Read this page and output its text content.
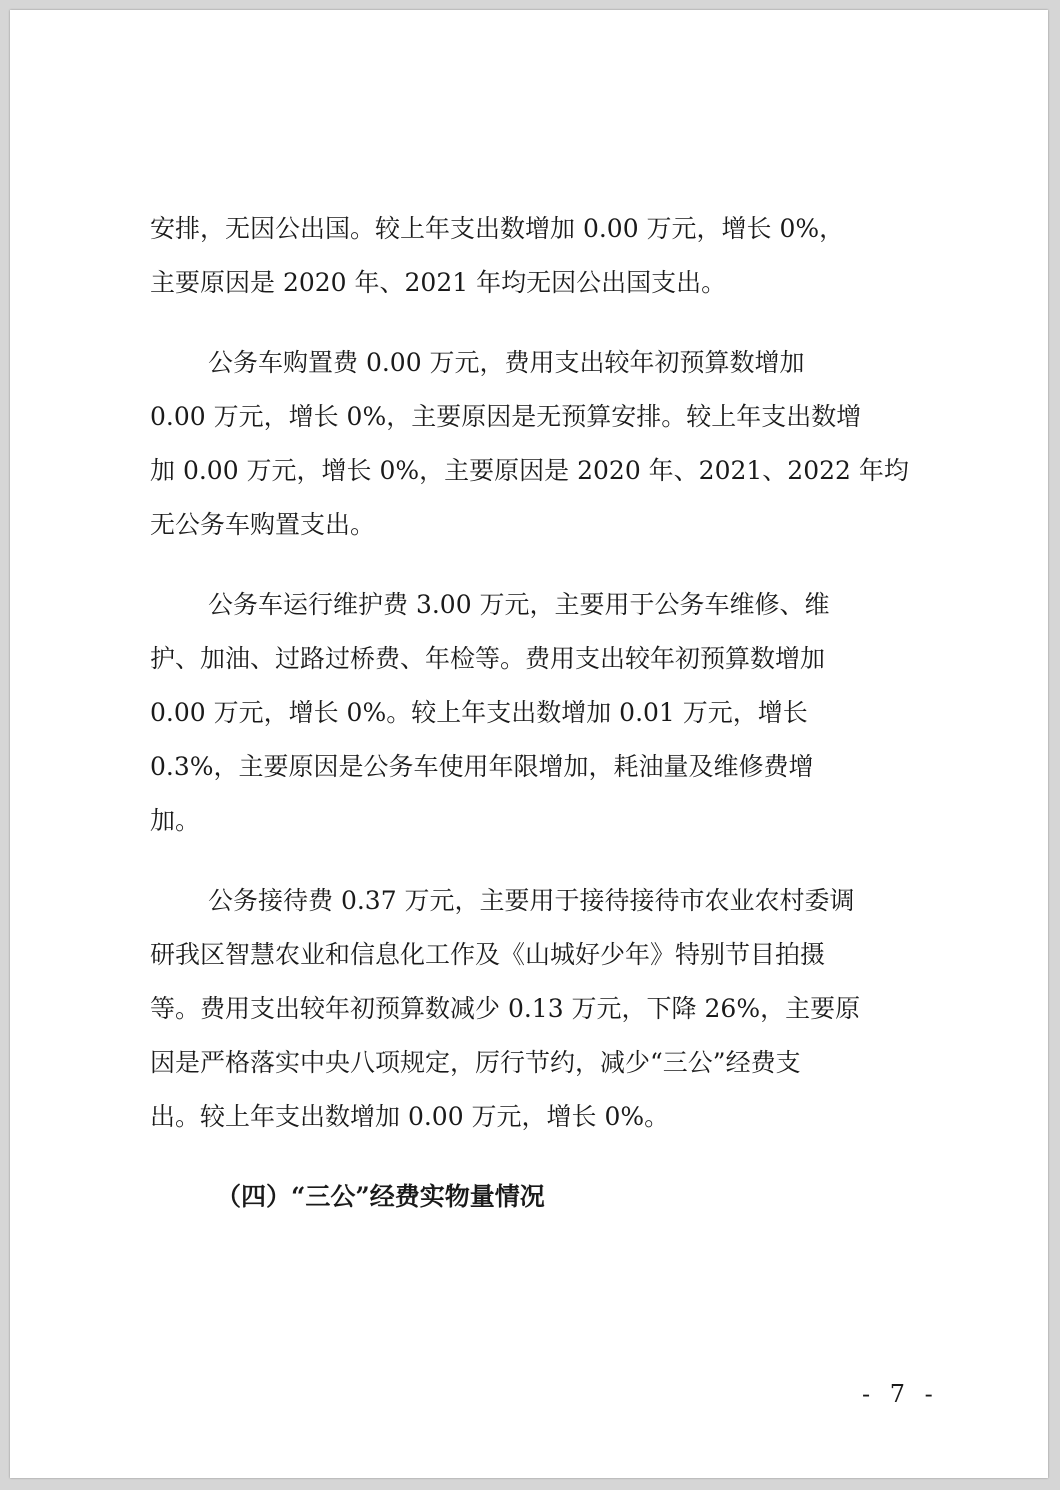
安排，无因公出国。较上年支出数增加 0.00 万元，增长 0%，
主要原因是 2020 年、2021 年均无因公出国支出。

公务车购置费 0.00 万元，费用支出较年初预算数增加
0.00 万元，增长 0%，主要原因是无预算安排。较上年支出数增
加 0.00 万元，增长 0%，主要原因是 2020 年、2021、2022 年均
无公务车购置支出。

公务车运行维护费 3.00 万元，主要用于公务车维修、维
护、加油、过路过桥费、年检等。费用支出较年初预算数增加
0.00 万元，增长 0%。较上年支出数增加 0.01 万元，增长
0.3%，主要原因是公务车使用年限增加，耗油量及维修费增
加。

公务接待费 0.37 万元，主要用于接待接待市农业农村委调
研我区智慧农业和信息化工作及《山城好少年》特别节目拍摄
等。费用支出较年初预算数减少 0.13 万元，下降 26%，主要原
因是严格落实中央八项规定，厉行节约，减少“三公”经费支
出。较上年支出数增加 0.00 万元，增长 0%。

（四）“三公”经费实物量情况

- 7 -
